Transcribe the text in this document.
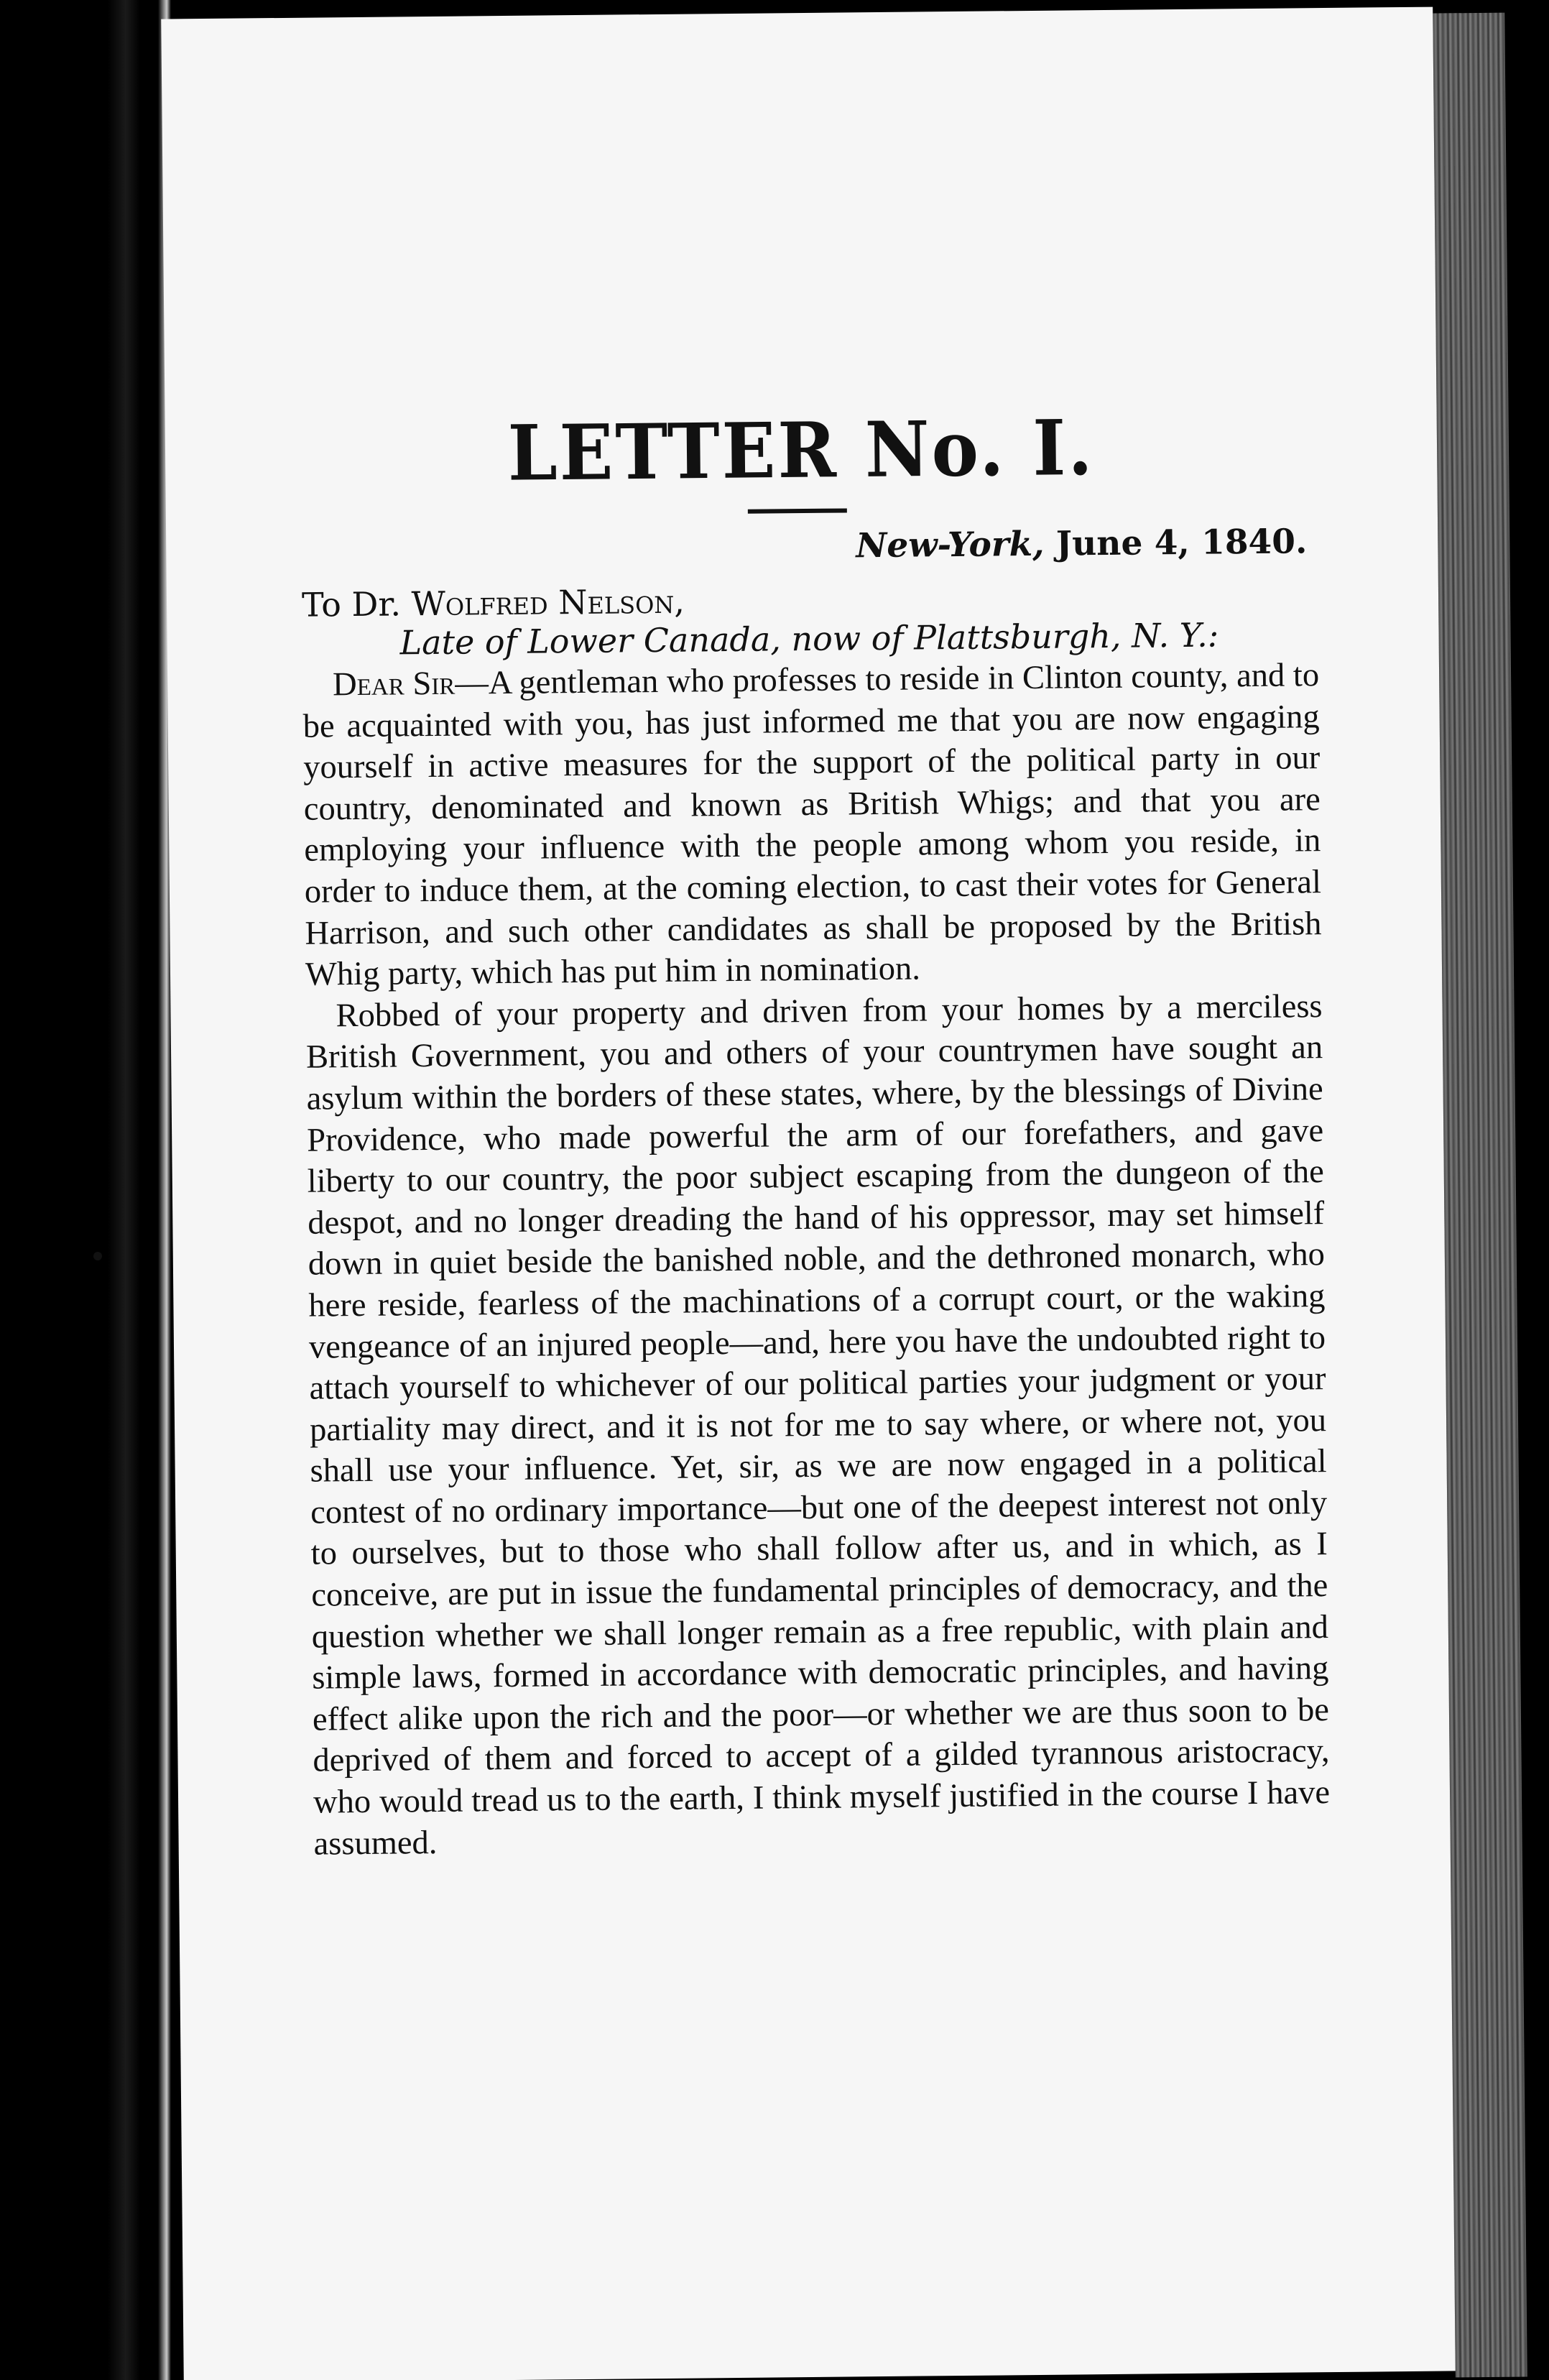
LETTER No. I.
New-York, June 4, 1840.
To Dr. Wolfred Nelson,
Late of Lower Canada, now of Plattsburgh, N. Y.:

Dear Sir—A gentleman who professes to reside in Clinton county, and to be acquainted with you, has just informed me that you are now engaging yourself in active measures for the support of the political party in our country, denominated and known as British Whigs; and that you are employing your influence with the people among whom you reside, in order to induce them, at the coming election, to cast their votes for General Harrison, and such other candidates as shall be proposed by the British Whig party, which has put him in nomination.

Robbed of your property and driven from your homes by a merciless British Government, you and others of your countrymen have sought an asylum within the borders of these states, where, by the blessings of Divine Providence, who made powerful the arm of our forefathers, and gave liberty to our country, the poor subject escaping from the dungeon of the despot, and no longer dreading the hand of his oppressor, may set himself down in quiet beside the banished noble, and the dethroned monarch, who here reside, fearless of the machinations of a corrupt court, or the waking vengeance of an injured people—and, here you have the undoubted right to attach yourself to whichever of our political parties your judgment or your partiality may direct, and it is not for me to say where, or where not, you shall use your influence. Yet, sir, as we are now engaged in a political contest of no ordinary importance—but one of the deepest interest not only to ourselves, but to those who shall follow after us, and in which, as I conceive, are put in issue the fundamental principles of democracy, and the question whether we shall longer remain as a free republic, with plain and simple laws, formed in accordance with democratic principles, and having effect alike upon the rich and the poor—or whether we are thus soon to be deprived of them and forced to accept of a gilded tyrannous aristocracy, who would tread us to the earth, I think myself justified in the course I have assumed.
